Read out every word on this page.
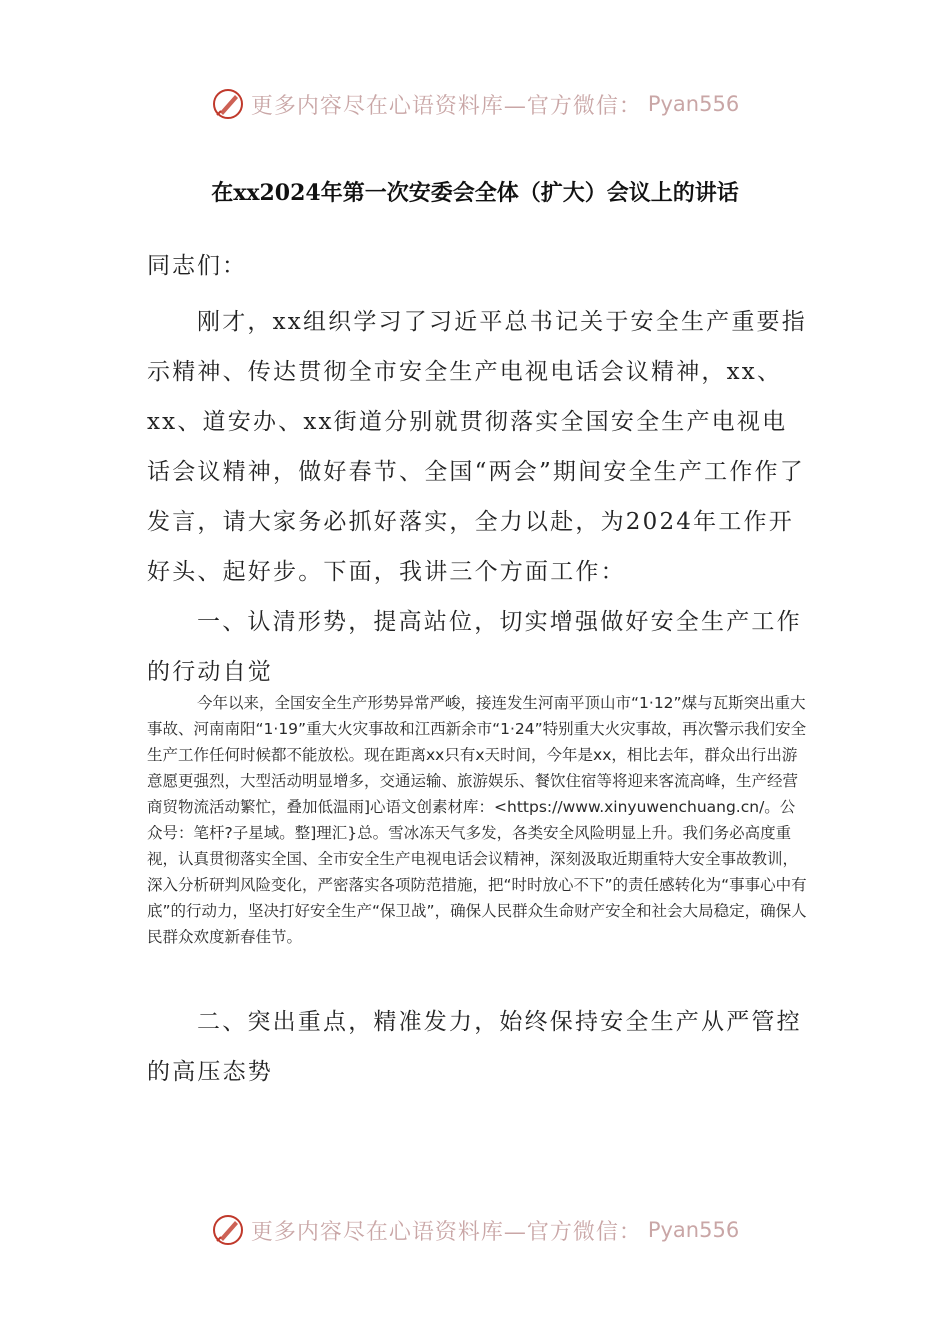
更多内容尽在心语资料库—官方微信： Pyan556
在xx2024年第一次安委会全体（扩大）会议上的讲话
同志们：

刚才，xx组织学习了习近平总书记关于安全生产重要指示精神、传达贯彻全市安全生产电视电话会议精神，xx、xx、道安办、xx街道分别就贯彻落实全国安全生产电视电话会议精神，做好春节、全国“两会”期间安全生产工作作了发言，请大家务必抓好落实，全力以赴，为2024年工作开好头、起好步。下面，我讲三个方面工作：

一、认清形势，提高站位，切实增强做好安全生产工作的行动自觉

今年以来，全国安全生产形势异常严峻，接连发生河南平顶山市“1·12”煤与瓦斯突出重大事故、河南南阳“1·19”重大火灾事故和江西新余市“1·24”特别重大火灾事故，再次警示我们安全生产工作任何时候都不能放松。现在距离xx只有x天时间，今年是xx，相比去年，群众出行出游意愿更强烈，大型活动明显增多，交通运输、旅游娱乐、餐饮住宿等将迎来客流高峰，生产经营商贸物流活动繁忙，叠加低温雨]心语文创素材库：<https://www.xinyuwenchuang.cn/。公众号：笔杆?子星域。整]理汇}总。雪冰冻天气多发，各类安全风险明显上升。我们务必高度重视，认真贯彻落实全国、全市安全生产电视电话会议精神，深刻汲取近期重特大安全事故教训，深入分析研判风险变化，严密落实各项防范措施，把“时时放心不下”的责任感转化为“事事心中有底”的行动力，坚决打好安全生产“保卫战”，确保人民群众生命财产安全和社会大局稳定，确保人民群众欢度新春佳节。

二、突出重点，精准发力，始终保持安全生产从严管控的高压态势

更多内容尽在心语资料库—官方微信： Pyan556
